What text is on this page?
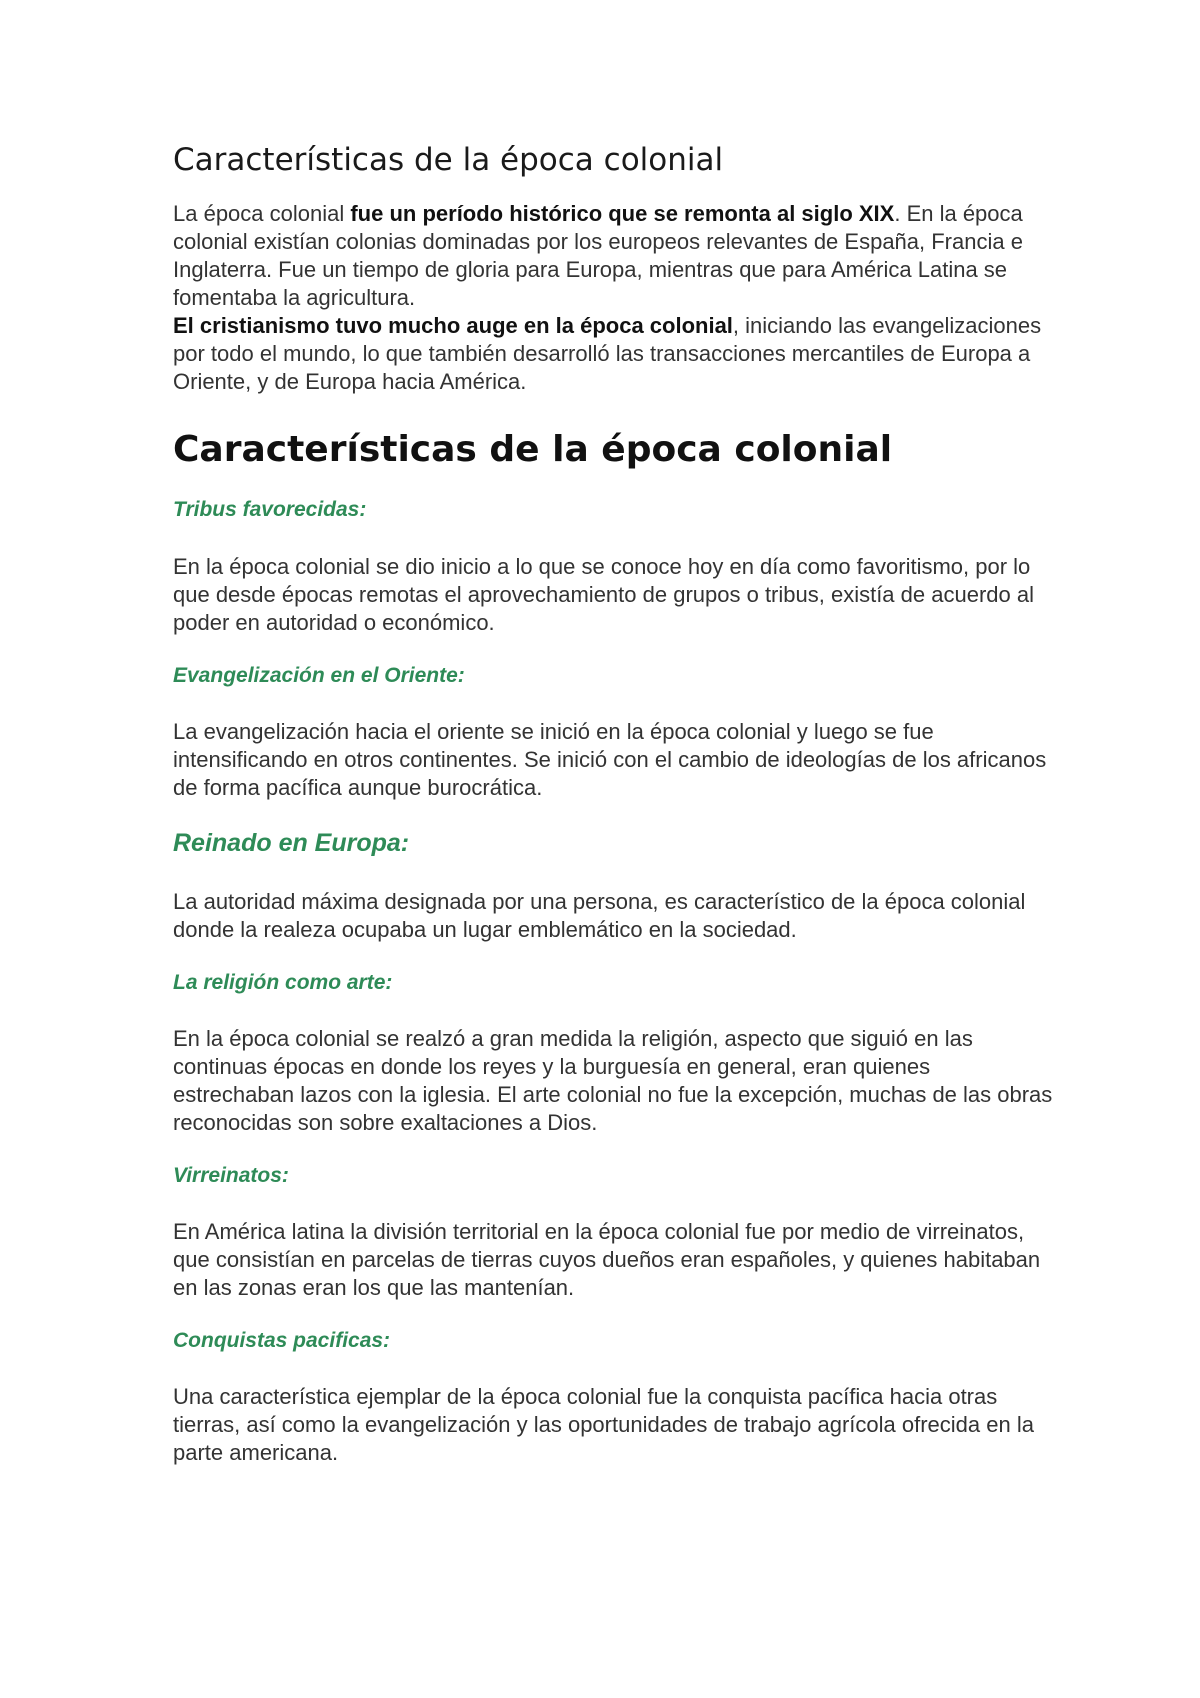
Características de la época colonial

La época colonial fue un período histórico que se remonta al siglo XIX. En la época colonial existían colonias dominadas por los europeos relevantes de España, Francia e Inglaterra. Fue un tiempo de gloria para Europa, mientras que para América Latina se fomentaba la agricultura.

El cristianismo tuvo mucho auge en la época colonial, iniciando las evangelizaciones por todo el mundo, lo que también desarrolló las transacciones mercantiles de Europa a Oriente, y de Europa hacia América.

Características de la época colonial
Tribus favorecidas:

En la época colonial se dio inicio a lo que se conoce hoy en día como favoritismo, por lo que desde épocas remotas el aprovechamiento de grupos o tribus, existía de acuerdo al poder en autoridad o económico.

Evangelización en el Oriente:

La evangelización hacia el oriente se inició en la época colonial y luego se fue intensificando en otros continentes. Se inició con el cambio de ideologías de los africanos de forma pacífica aunque burocrática.

Reinado en Europa:

La autoridad máxima designada por una persona, es característico de la época colonial donde la realeza ocupaba un lugar emblemático en la sociedad.

La religión como arte:

En la época colonial se realzó a gran medida la religión, aspecto que siguió en las continuas épocas en donde los reyes y la burguesía en general, eran quienes estrechaban lazos con la iglesia. El arte colonial no fue la excepción, muchas de las obras reconocidas son sobre exaltaciones a Dios.

Virreinatos:

En América latina la división territorial en la época colonial fue por medio de virreinatos, que consistían en parcelas de tierras cuyos dueños eran españoles, y quienes habitaban en las zonas eran los que las mantenían.

Conquistas pacificas:

Una característica ejemplar de la época colonial fue la conquista pacífica hacia otras tierras, así como la evangelización y las oportunidades de trabajo agrícola ofrecida en la parte americana.
